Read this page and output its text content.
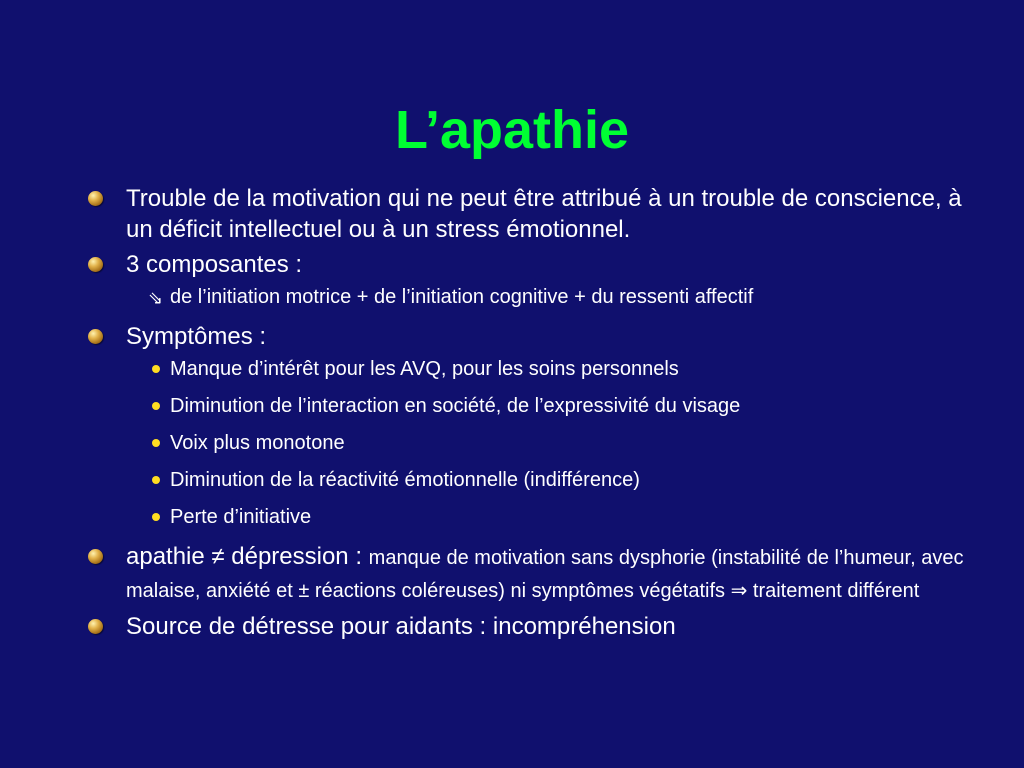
L’apathie
Trouble de la motivation qui ne peut être attribué à un trouble de conscience, à un déficit intellectuel ou à un stress émotionnel.
3 composantes :
⇘ de l’initiation motrice + de l’initiation cognitive + du ressenti affectif
Symptômes :
Manque d’intérêt pour les AVQ, pour les soins personnels
Diminution de l’interaction en société, de l’expressivité du visage
Voix plus monotone
Diminution de la réactivité émotionnelle (indifférence)
Perte d’initiative
apathie ≠ dépression : manque de motivation sans dysphorie (instabilité de l’humeur, avec malaise, anxiété et ± réactions coléreuses) ni symptômes végétatifs ⇒ traitement différent
Source de détresse pour aidants : incompréhension
